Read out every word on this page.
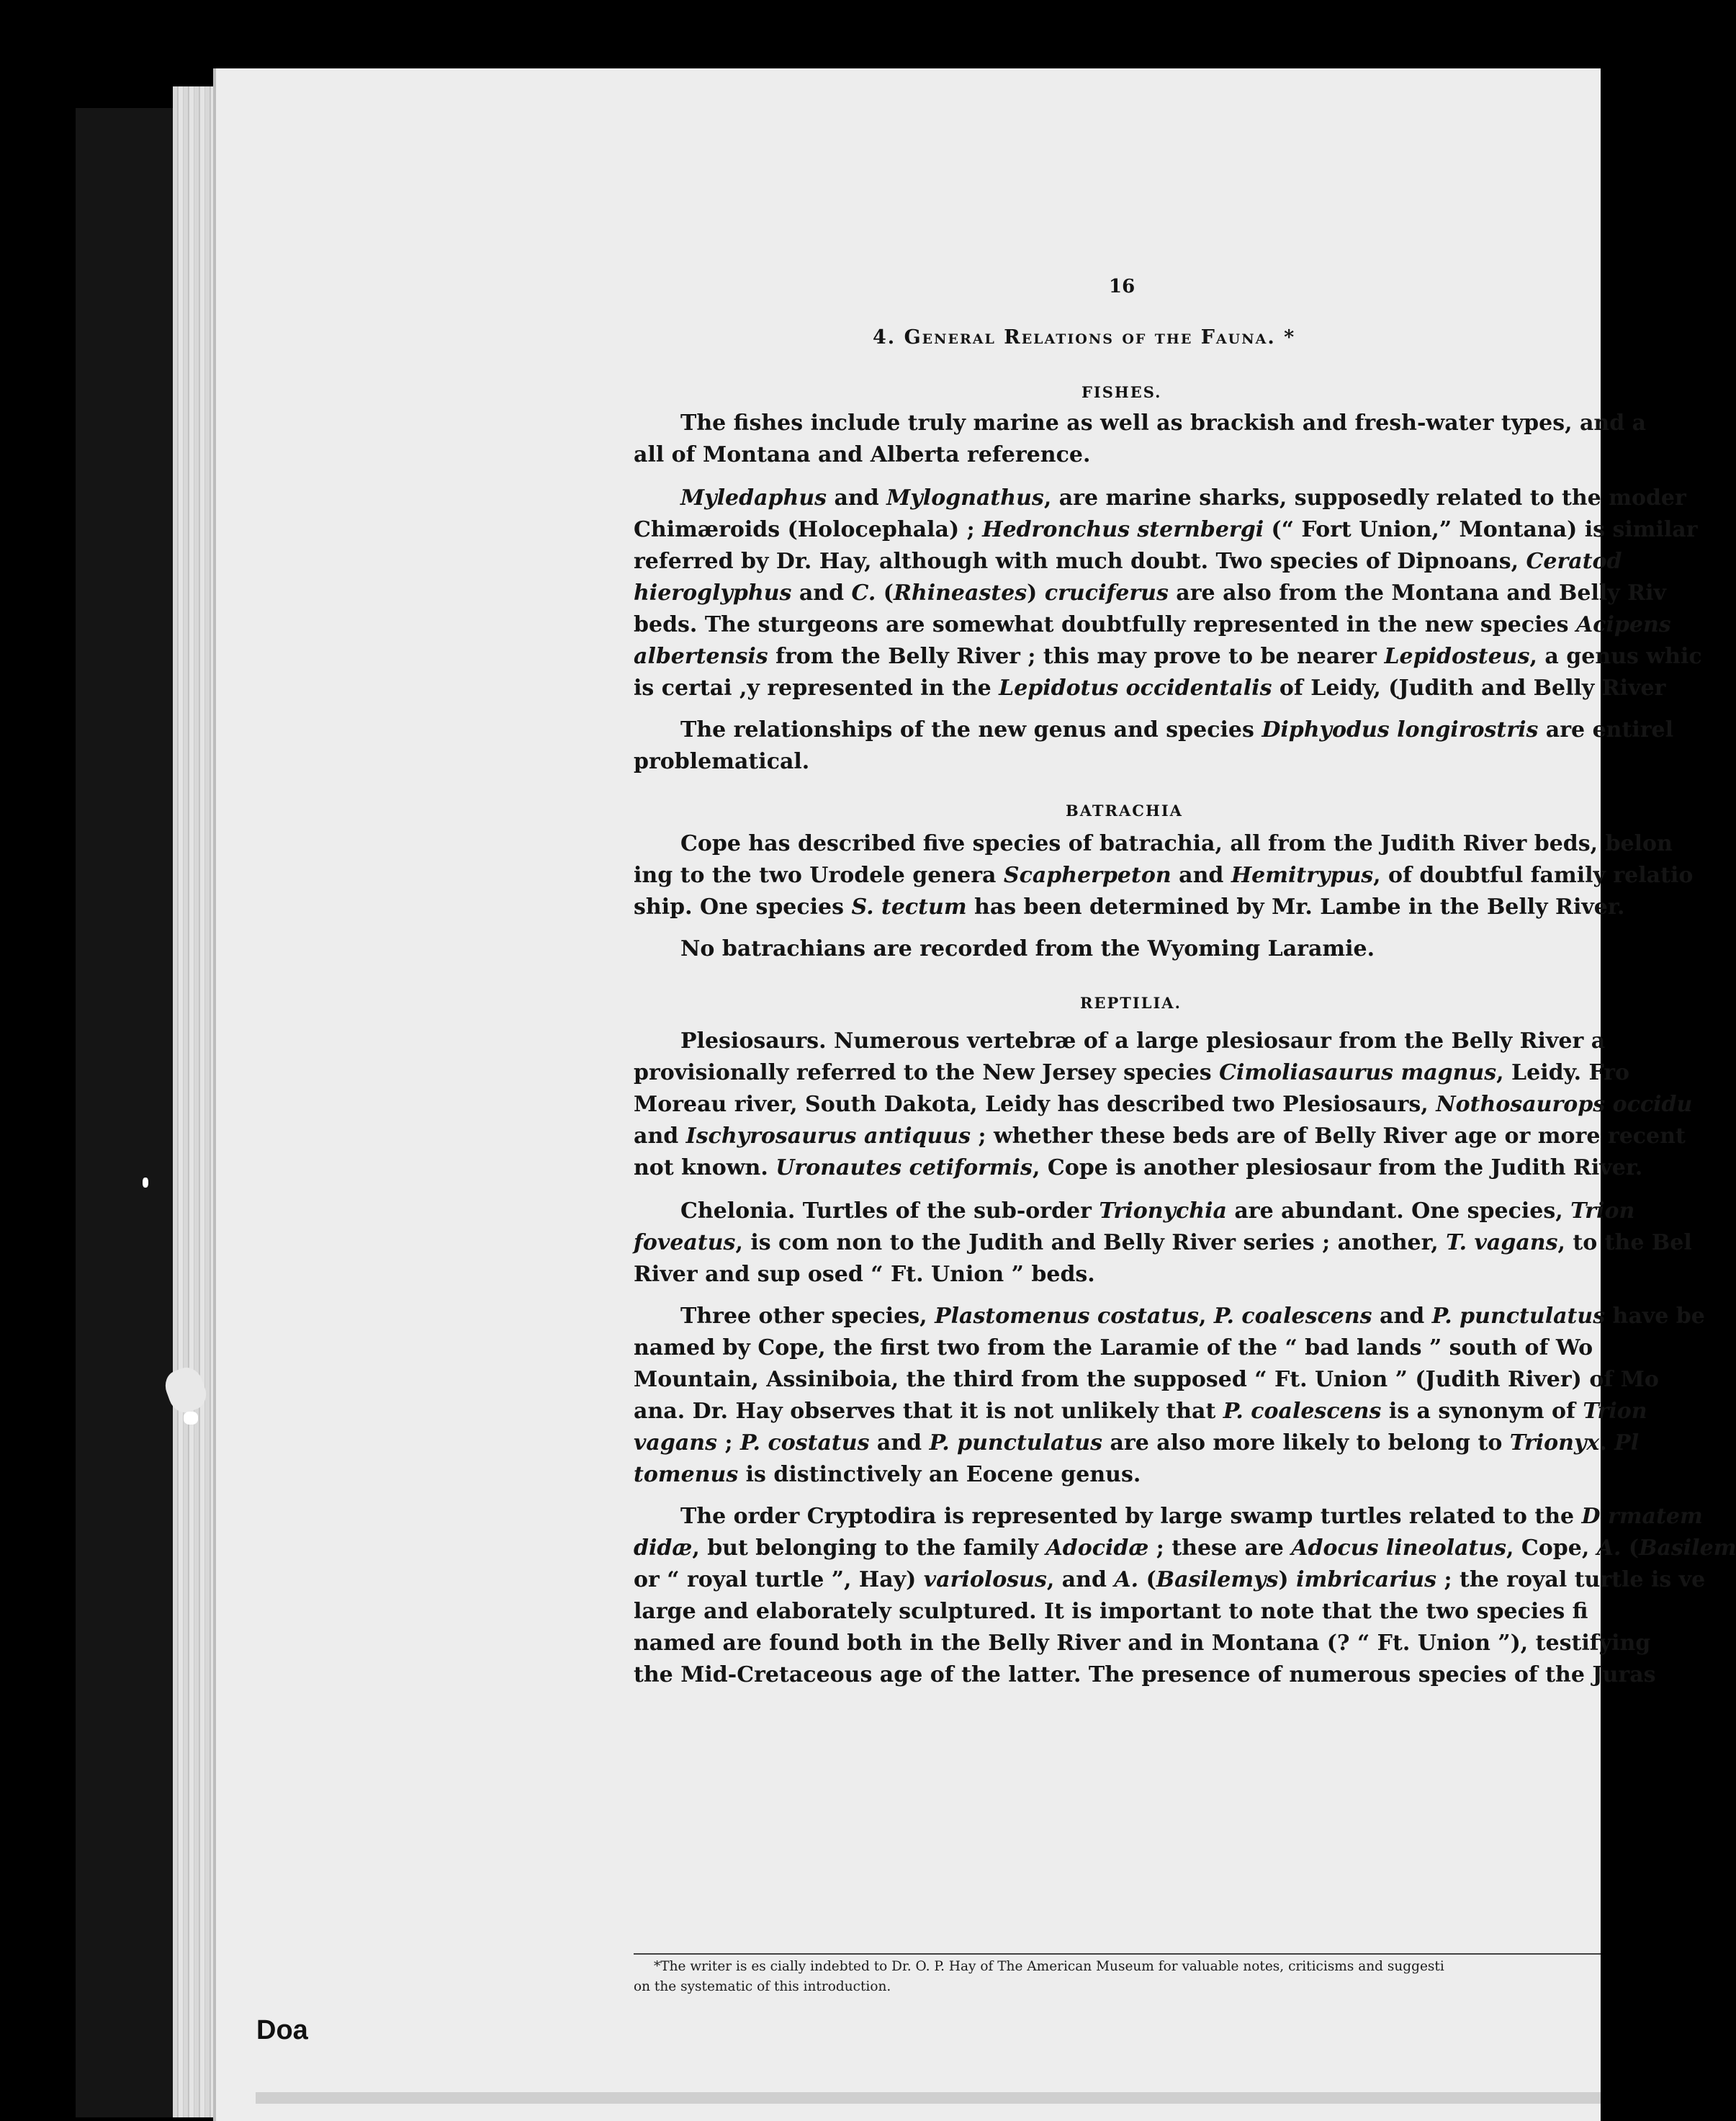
Doa
16
4. General Relations of the Fauna. *
FISHES.
BATRACHIA
REPTILIA.
*The writer is es cially indebted to Dr. O. P. Hay of The American Museum for valuable notes, criticisms and suggesti
on the systematic of this introduction.
The fishes include truly marine as well as brackish and fresh-water types, and a
all of Montana and Alberta reference.
Myledaphus and Mylognathus, are marine sharks, supposedly related to the moder
Chimæroids (Holocephala) ; Hedronchus sternbergi (“ Fort Union,” Montana) is similar
referred by Dr. Hay, although with much doubt. Two species of Dipnoans, Ceratod
hieroglyphus and C. (Rhineastes) cruciferus are also from the Montana and Belly Riv
beds. The sturgeons are somewhat doubtfully represented in the new species Acipens
albertensis from the Belly River ; this may prove to be nearer Lepidosteus, a genus whic
is certai ,y represented in the Lepidotus occidentalis of Leidy, (Judith and Belly River
The relationships of the new genus and species Diphyodus longirostris are entirel
problematical.
Cope has described five species of batrachia, all from the Judith River beds, belon
ing to the two Urodele genera Scapherpeton and Hemitrypus, of doubtful family relatio
ship. One species S. tectum has been determined by Mr. Lambe in the Belly River.
No batrachians are recorded from the Wyoming Laramie.
Plesiosaurs. Numerous vertebræ of a large plesiosaur from the Belly River a
provisionally referred to the New Jersey species Cimoliasaurus magnus, Leidy. Fro
Moreau river, South Dakota, Leidy has described two Plesiosaurs, Nothosaurops occidu
and Ischyrosaurus antiquus ; whether these beds are of Belly River age or more recent
not known. Uronautes cetiformis, Cope is another plesiosaur from the Judith River.
Chelonia. Turtles of the sub-order Trionychia are abundant. One species, Trion
foveatus, is com non to the Judith and Belly River series ; another, T. vagans, to the Bel
River and sup osed “ Ft. Union ” beds.
Three other species, Plastomenus costatus, P. coalescens and P. punctulatus have be
named by Cope, the first two from the Laramie of the “ bad lands ” south of Wo
Mountain, Assiniboia, the third from the supposed “ Ft. Union ” (Judith River) of Mo
ana. Dr. Hay observes that it is not unlikely that P. coalescens is a synonym of Trion
vagans ; P. costatus and P. punctulatus are also more likely to belong to Trionyx. Pl
tomenus is distinctively an Eocene genus.
The order Cryptodira is represented by large swamp turtles related to the D rmatem
didæ, but belonging to the family Adocidæ ; these are Adocus lineolatus, Cope, A. (Basilem
or “ royal turtle ”, Hay) variolosus, and A. (Basilemys) imbricarius ; the royal turtle is ve
large and elaborately sculptured. It is important to note that the two species fi
named are found both in the Belly River and in Montana (? “ Ft. Union ”), testifying
the Mid-Cretaceous age of the latter. The presence of numerous species of the Juras
